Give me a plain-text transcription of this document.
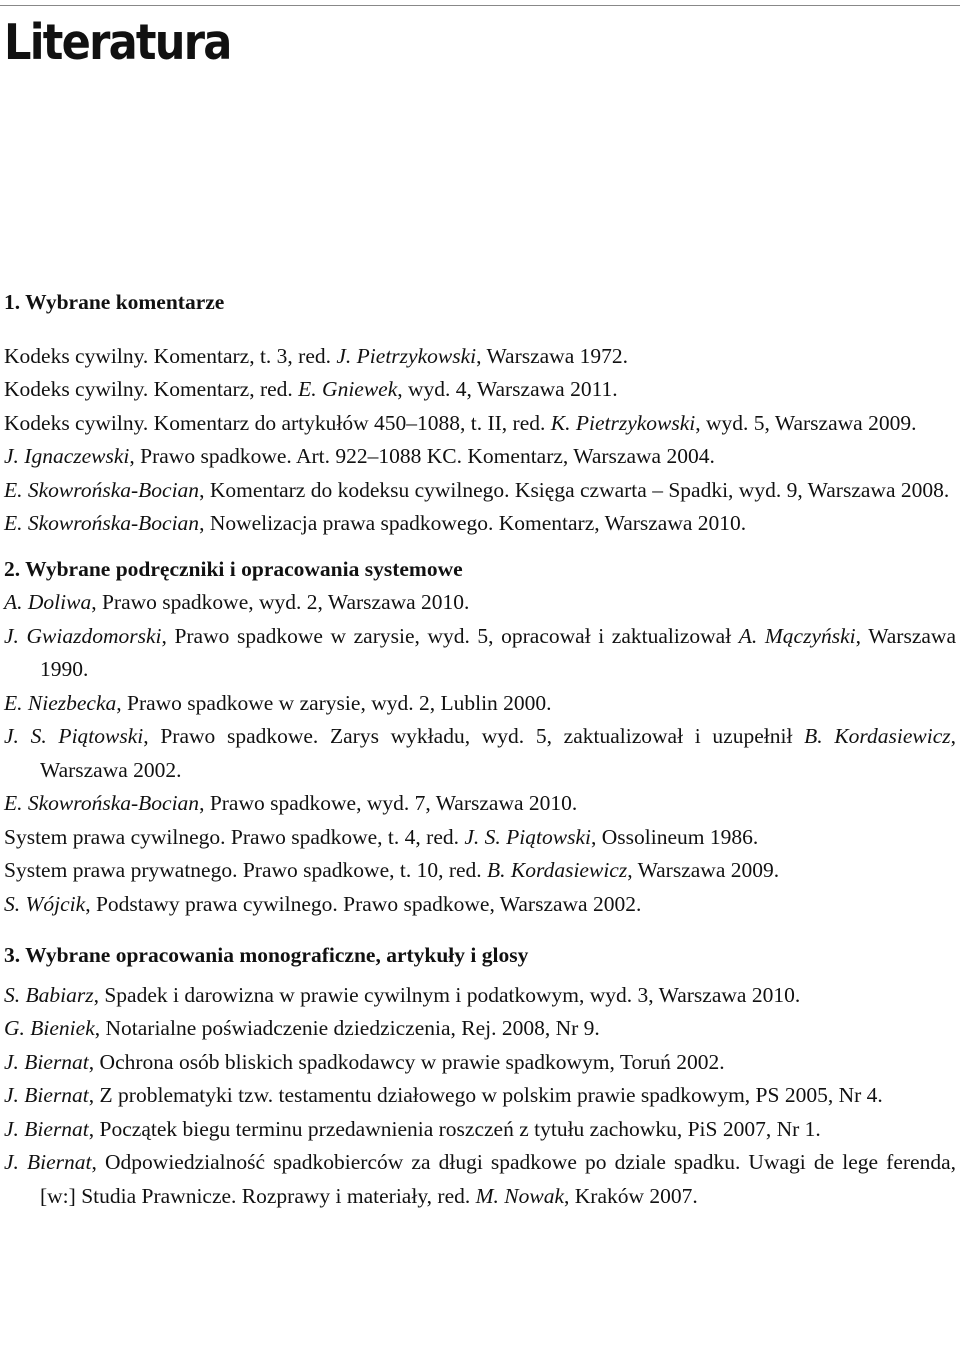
Literatura

1. Wybrane komentarze

Kodeks cywilny. Komentarz, t. 3, red. J. Pietrzykowski, Warszawa 1972.

Kodeks cywilny. Komentarz, red. E. Gniewek, wyd. 4, Warszawa 2011.

Kodeks cywilny. Komentarz do artykułów 450–1088, t. II, red. K. Pietrzykowski, wyd. 5, Warszawa 2009.

J. Ignaczewski, Prawo spadkowe. Art. 922–1088 KC. Komentarz, Warszawa 2004.

E. Skowrońska-Bocian, Komentarz do kodeksu cywilnego. Księga czwarta – Spadki, wyd. 9, Warszawa 2008.

E. Skowrońska-Bocian, Nowelizacja prawa spadkowego. Komentarz, Warszawa 2010.

2. Wybrane podręczniki i opracowania systemowe

A. Doliwa, Prawo spadkowe, wyd. 2, Warszawa 2010.

J. Gwiazdomorski, Prawo spadkowe w zarysie, wyd. 5, opracował i zaktualizował A. Mączyński, Warszawa 1990.

E. Niezbecka, Prawo spadkowe w zarysie, wyd. 2, Lublin 2000.

J. S. Piątowski, Prawo spadkowe. Zarys wykładu, wyd. 5, zaktualizował i uzupełnił B. Kordasiewicz, Warszawa 2002.

E. Skowrońska-Bocian, Prawo spadkowe, wyd. 7, Warszawa 2010.

System prawa cywilnego. Prawo spadkowe, t. 4, red. J. S. Piątowski, Ossolineum 1986.

System prawa prywatnego. Prawo spadkowe, t. 10, red. B. Kordasiewicz, Warszawa 2009.

S. Wójcik, Podstawy prawa cywilnego. Prawo spadkowe, Warszawa 2002.

3. Wybrane opracowania monograficzne, artykuły i glosy

S. Babiarz, Spadek i darowizna w prawie cywilnym i podatkowym, wyd. 3, Warszawa 2010.

G. Bieniek, Notarialne poświadczenie dziedziczenia, Rej. 2008, Nr 9.

J. Biernat, Ochrona osób bliskich spadkodawcy w prawie spadkowym, Toruń 2002.

J. Biernat, Z problematyki tzw. testamentu działowego w polskim prawie spadkowym, PS 2005, Nr 4.

J. Biernat, Początek biegu terminu przedawnienia roszczeń z tytułu zachowku, PiS 2007, Nr 1.

J. Biernat, Odpowiedzialność spadkobierców za długi spadkowe po dziale spadku. Uwagi de lege ferenda, [w:] Studia Prawnicze. Rozprawy i materiały, red. M. Nowak, Kraków 2007.
